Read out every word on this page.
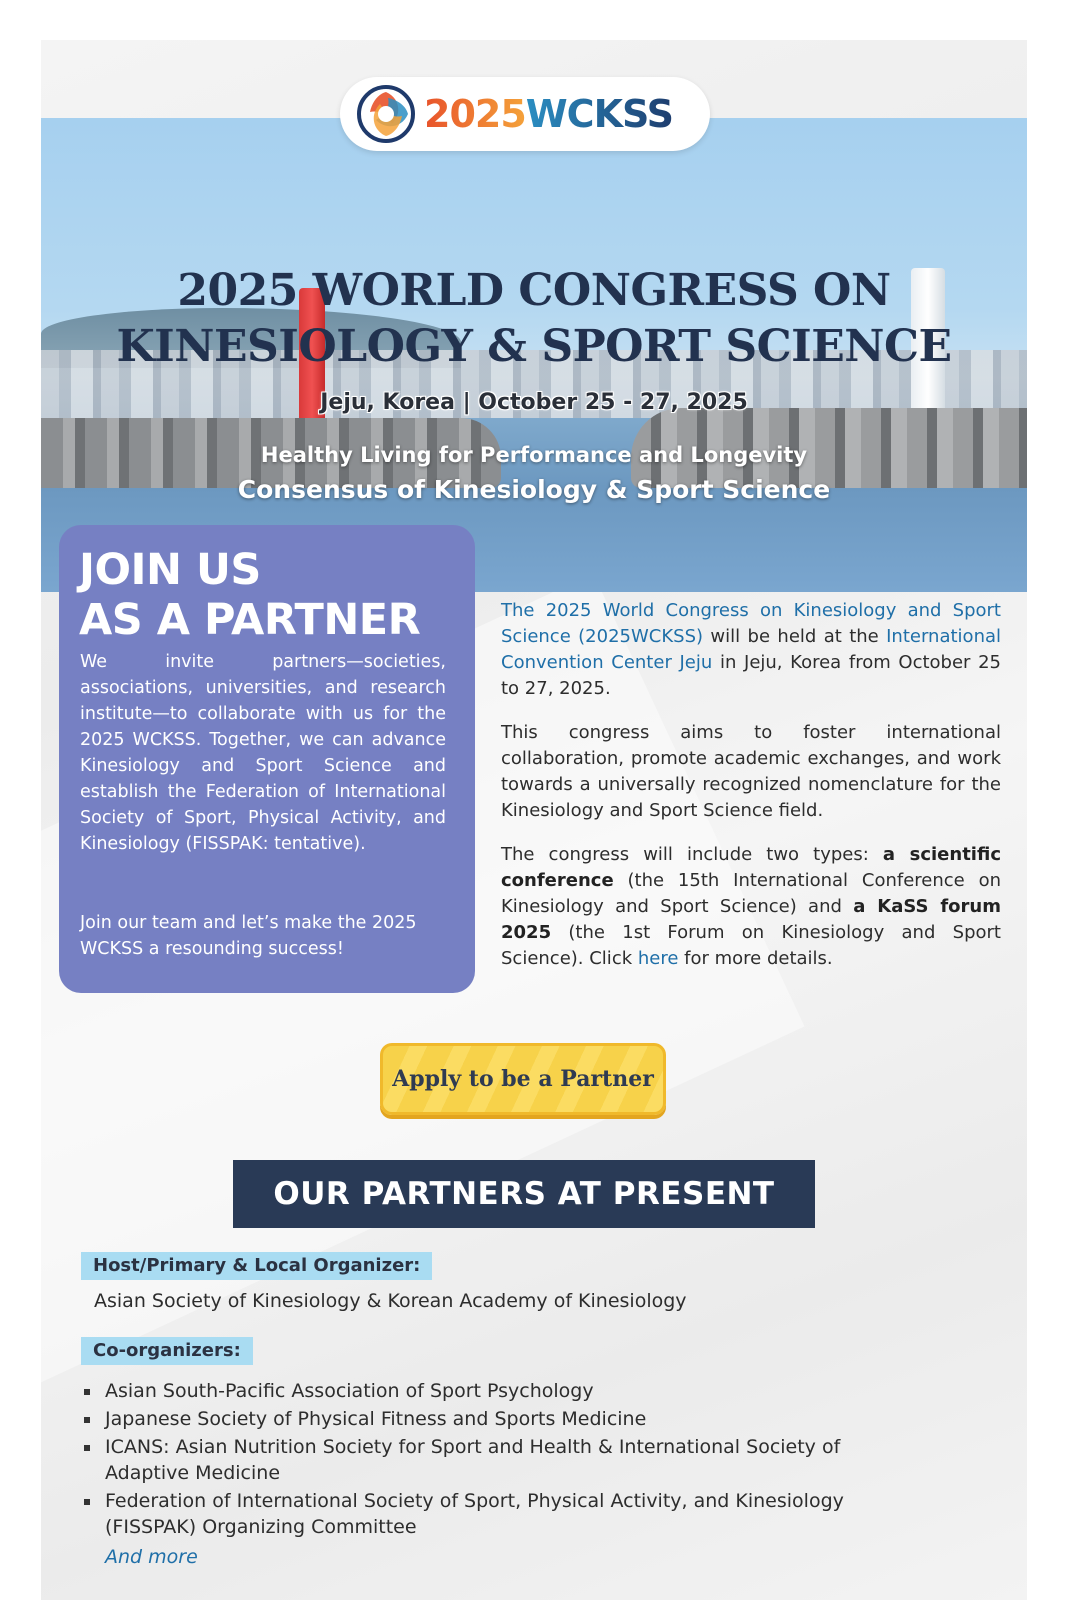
2025 WORLD CONGRESS ON
KINESIOLOGY & SPORT SCIENCE
Jeju, Korea | October 25 - 27, 2025
Healthy Living for Performance and Longevity
Consensus of Kinesiology & Sport Science
2025WCKSS
JOIN US
AS A PARTNER
We invite partners—societies, associations, universities, and research institute—to collaborate with us for the 2025 WCKSS. Together, we can advance Kinesiology and Sport Science and establish the Federation of International Society of Sport, Physical Activity, and Kinesiology (FISSPAK: tentative).
Join our team and let’s make the 2025 WCKSS a resounding success!

The 2025 World Congress on Kinesiology and Sport Science (2025WCKSS) will be held at the International Convention Center Jeju in Jeju, Korea from October 25 to 27, 2025.

This congress aims to foster international collaboration, promote academic exchanges, and work towards a universally recognized nomenclature for the Kinesiology and Sport Science field.

The congress will include two types: a scientific conference (the 15th International Conference on Kinesiology and Sport Science) and a KaSS forum 2025 (the 1st Forum on Kinesiology and Sport Science). Click here for more details.

Apply to be a Partner
OUR PARTNERS AT PRESENT
Host/Primary & Local Organizer:
Asian Society of Kinesiology & Korean Academy of Kinesiology
Co-organizers:
Asian South-Pacific Association of Sport Psychology
Japanese Society of Physical Fitness and Sports Medicine
ICANS: Asian Nutrition Society for Sport and Health & International Society of Adaptive Medicine
Federation of International Society of Sport, Physical Activity, and Kinesiology (FISSPAK) Organizing Committee
And more
